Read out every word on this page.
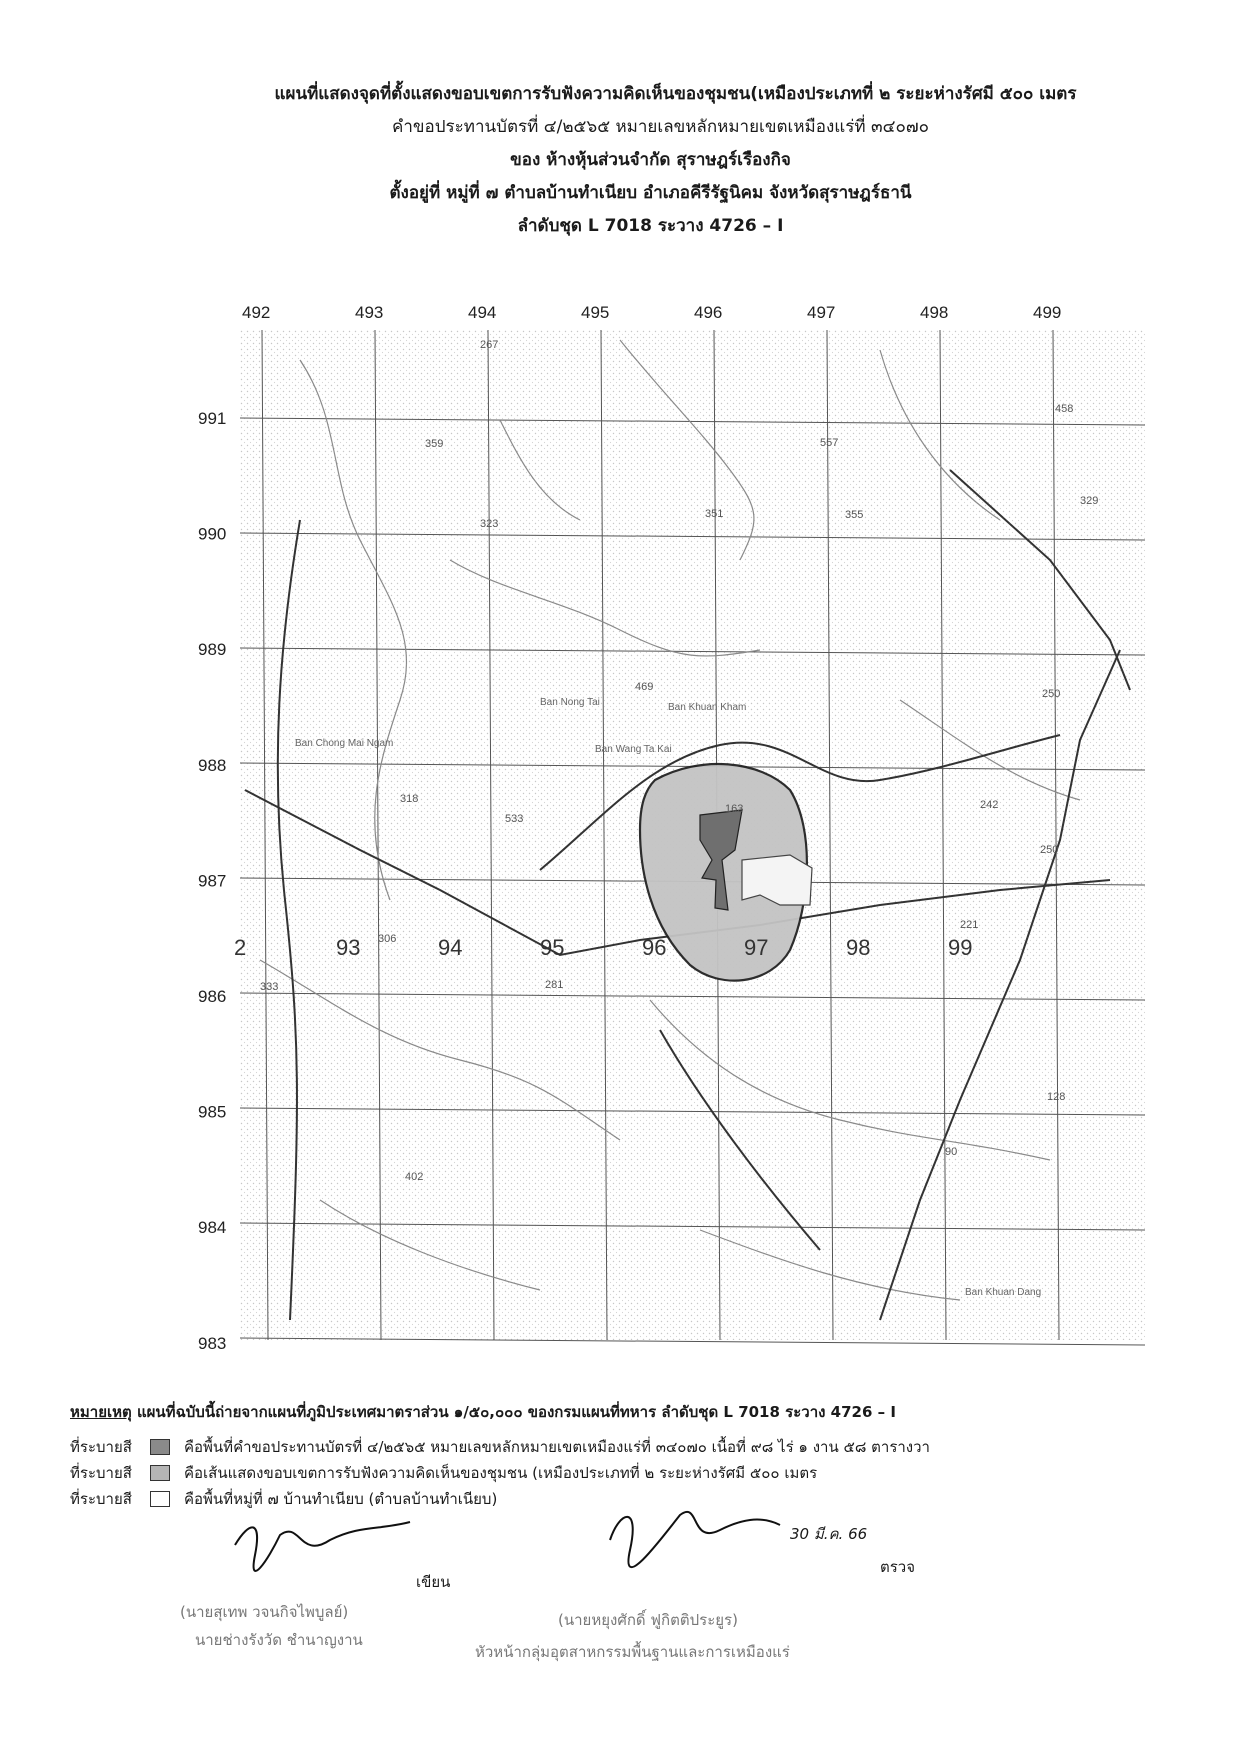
แผนที่แสดงจุดที่ตั้งแสดงขอบเขตการรับฟังความคิดเห็นของชุมชน(เหมืองประเภทที่ ๒ ระยะห่างรัศมี ๕๐๐ เมตร
คำขอประทานบัตรที่ ๔/๒๕๖๕ หมายเลขหลักหมายเขตเหมืองแร่ที่ ๓๔๐๗๐
ของ ห้างหุ้นส่วนจำกัด สุราษฎร์เรืองกิจ
ตั้งอยู่ที่ หมู่ที่ ๗ ตำบลบ้านทำเนียบ อำเภอคีรีรัฐนิคม จังหวัดสุราษฎร์ธานี
ลำดับชุด L 7018 ระวาง 4726 – I
492	493	494	495	496	497	498	499
991
990
989
988
987
986
985
984
983
2	93	94	95	96	97	98	99
267
359
323
351
557
355
329
458
250
469
242
318
533
250
221
306
333	281
128
90
402
163
Ban Nong Tai	Ban Khuan Kham
Ban Chong Mai Ngam
Ban Wang Ta Kai
Ban Khuan Dang
หมายเหตุ แผนที่ฉบับนี้ถ่ายจากแผนที่ภูมิประเทศมาตราส่วน ๑/๕๐,๐๐๐ ของกรมแผนที่ทหาร ลำดับชุด L 7018 ระวาง 4726 – I
ที่ระบายสี	คือพื้นที่คำขอประทานบัตรที่ ๔/๒๕๖๕ หมายเลขหลักหมายเขตเหมืองแร่ที่ ๓๔๐๗๐ เนื้อที่ ๙๘ ไร่ ๑ งาน ๕๘ ตารางวา
ที่ระบายสี	คือเส้นแสดงขอบเขตการรับฟังความคิดเห็นของชุมชน (เหมืองประเภทที่ ๒ ระยะห่างรัศมี ๕๐๐ เมตร
ที่ระบายสี	คือพื้นที่หมู่ที่ ๗ บ้านทำเนียบ (ตำบลบ้านทำเนียบ)
เขียน
(นายสุเทพ วจนกิจไพบูลย์)
นายช่างรังวัด ชำนาญงาน
30 มี.ค. 66
ตรวจ
(นายหยุงศักดิ์ ฟูกิตติประยูร)
หัวหน้ากลุ่มอุตสาหกรรมพื้นฐานและการเหมืองแร่
